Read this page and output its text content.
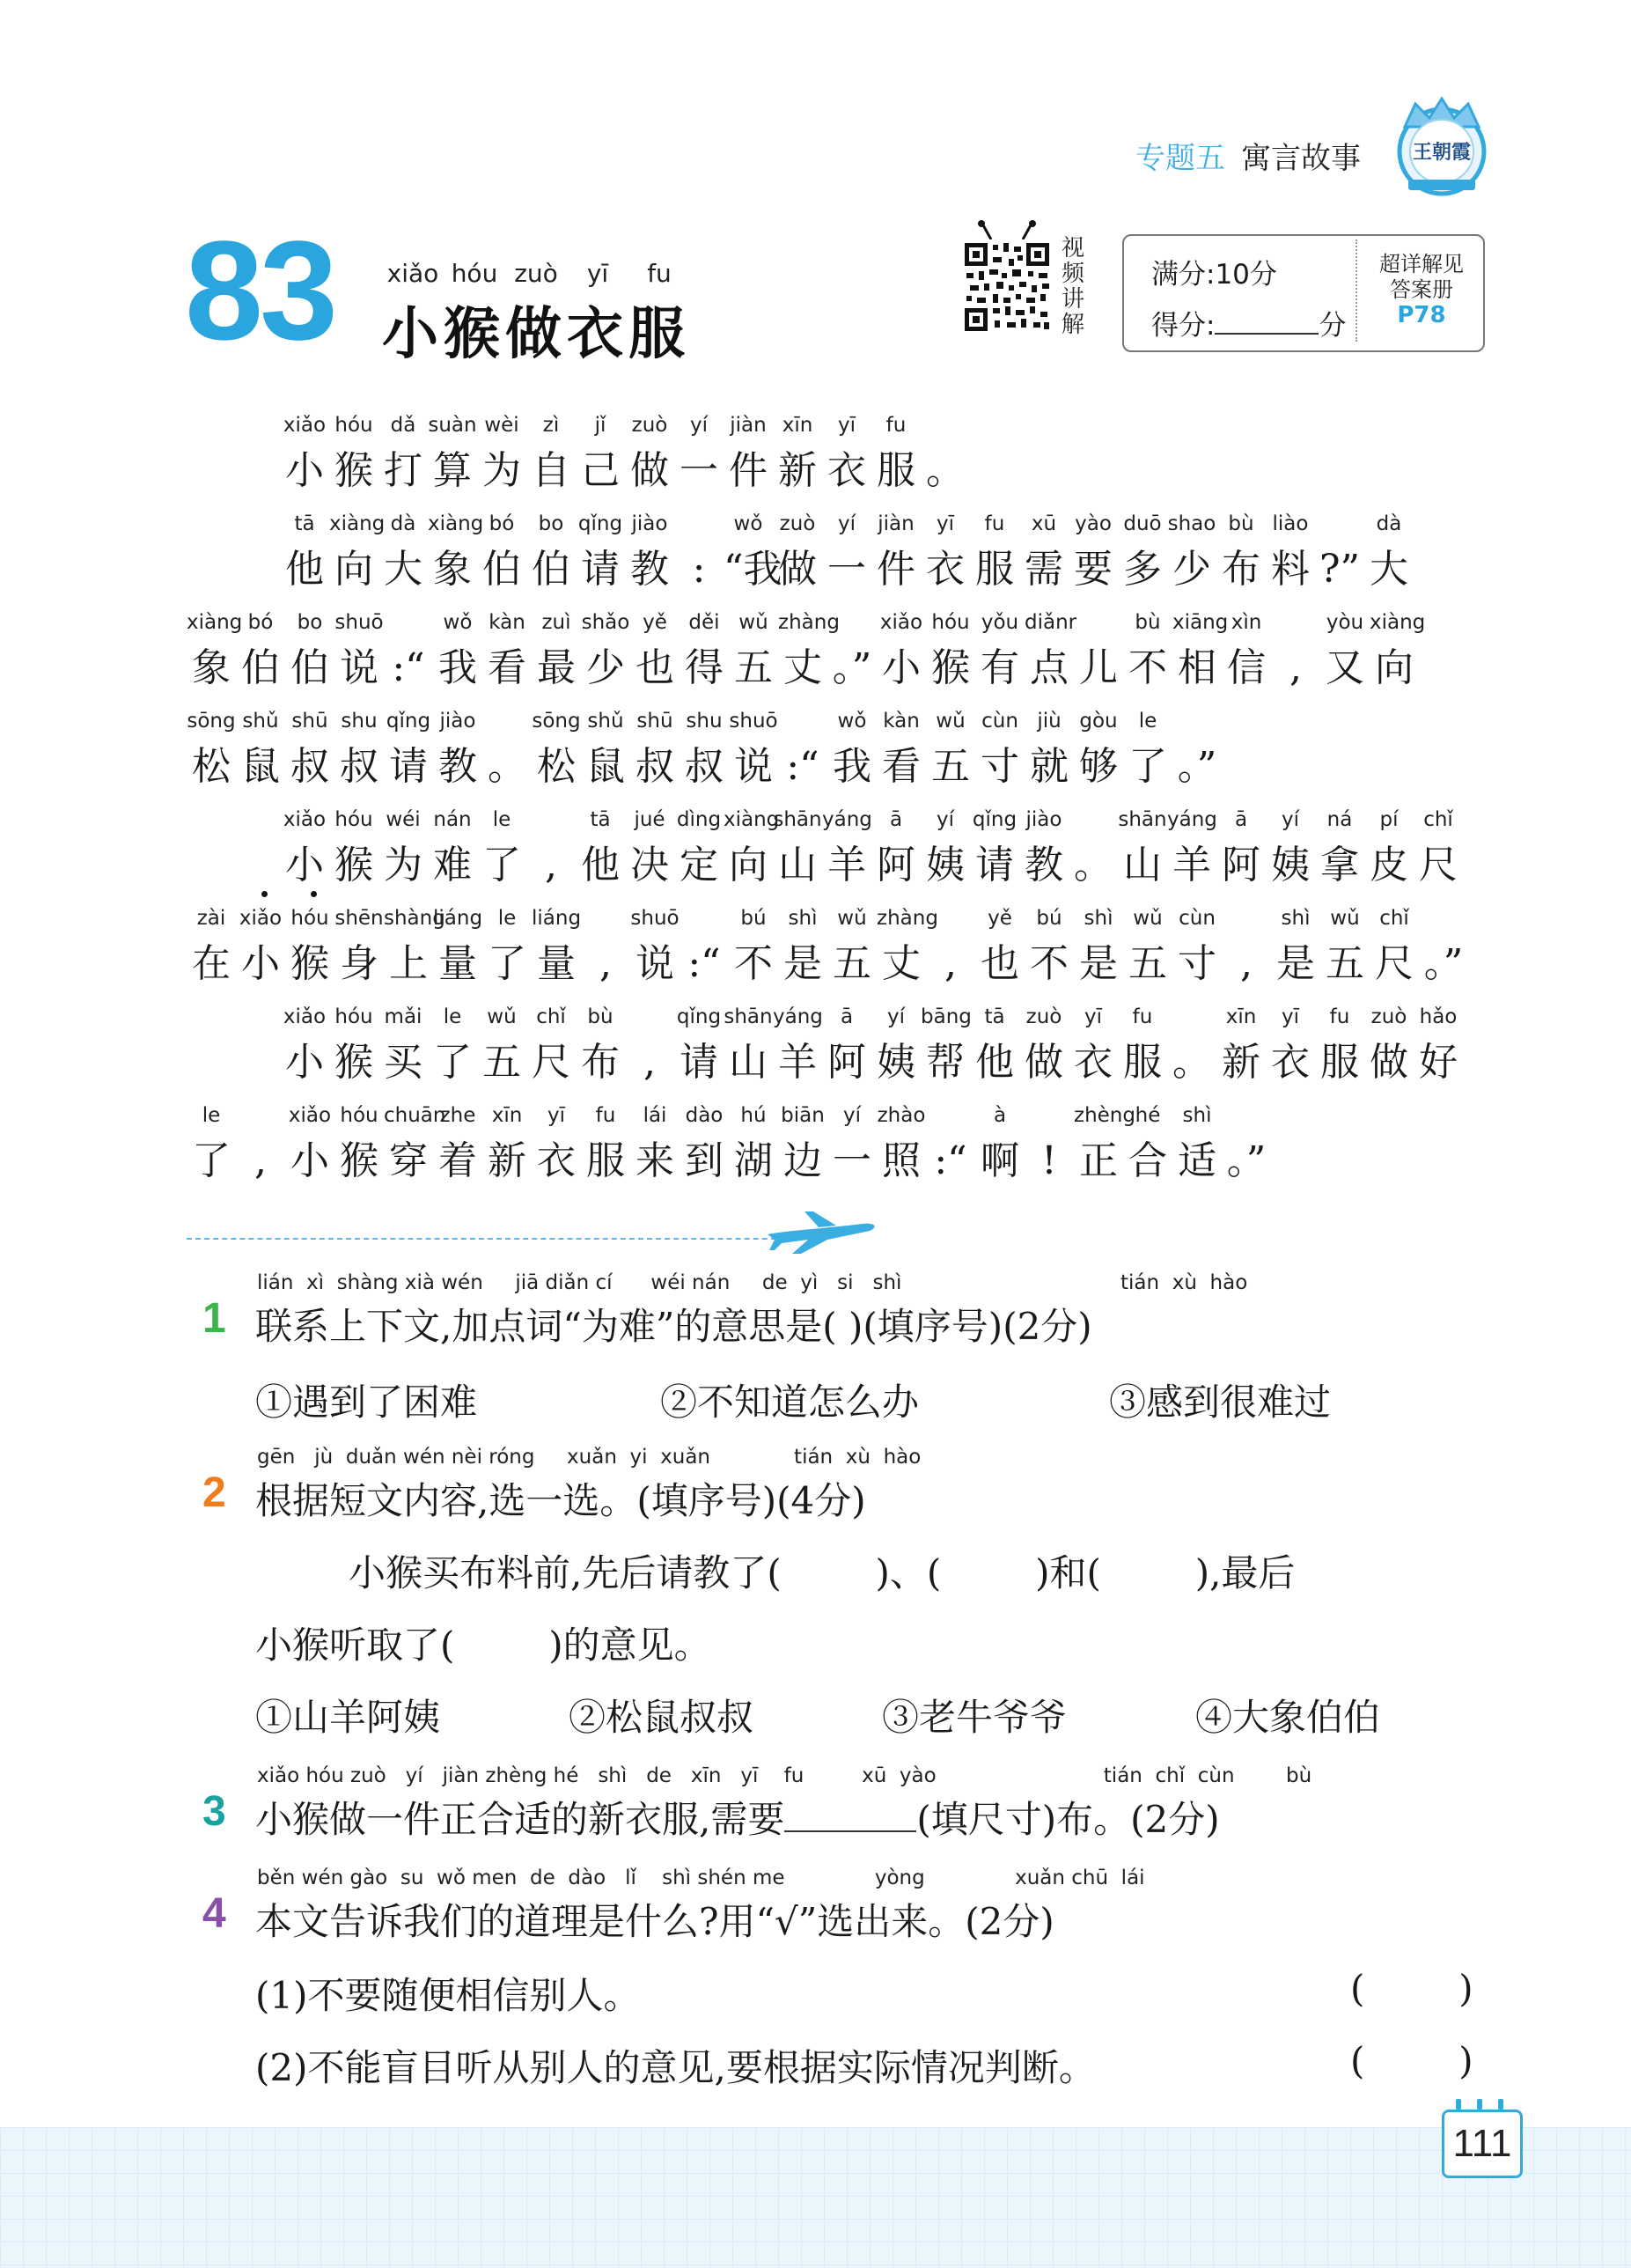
专题五 寓言故事	王朝霞
83 xiǎo hóu zuò yī fu
小猴做衣服
视
频
讲
解
满分:10分
得分:	分
超详解见
答案册
P78
xiǎo hóu dǎ suàn wèi zì jǐ zuò yí jiàn xīn yī fu
小 猴 打 算 为 自 己 做 一 件 新 衣 服 。
tā xiàng dà xiàng bó bo qǐng jiào	wǒ zuò yí jiàn yī fu xū yào duō shao bù liào	dà
他 向 大 象 伯 伯 请 教 : “我做 一 件 衣 服 需 要 多 少 布 料 ?” 大
xiàng bó bo shuō	wǒ kàn zuì shǎo yě děi wǔ zhàng xiǎo hóu yǒu diǎnr	bù xiāng xìn	yòu xiàng
象 伯 伯 说 :“ 我 看 最 少 也 得 五 丈 。” 小 猴 有 点 儿 不 相 信 , 又 向
sōng shǔ shū shu qǐng jiào	sōng shǔ shū shu shuō	wǒ kàn wǔ cùn jiù gòu le
松 鼠 叔 叔 请 教 。 松 鼠 叔 叔 说 :“ 我 看 五 寸 就 够 了 。”
xiǎo hóu wéi nán le	tā jué dìng xiàngshānyáng ā yí qǐng jiào	shānyáng ā yí ná pí chǐ
小 猴 为 难 了 , 他 决 定 向 山 羊 阿 姨 请 教 。 山 羊 阿 姨 拿 皮 尺
zài xiǎo hóu shēnshàngliáng le liáng shuō	bú shì wǔ zhàng yě bú shì wǔ cùn	shì wǔ chǐ
在 小 猴 身 上 量 了 量 , 说 :“ 不 是 五 丈 , 也 不 是 五 寸 , 是 五 尺 。”
xiǎo hóu mǎi le wǔ chǐ bù	qǐng shānyáng ā yí bāng tā zuò yī fu	xīn yī fu zuò hǎo
小 猴 买 了 五 尺 布 , 请 山 羊 阿 姨 帮 他 做 衣 服 。 新 衣 服 做 好
le	xiǎo hóu chuānzhe xīn yī fu lái dào hú biān yí zhào	à	zhènghé shì
了 , 小 猴 穿 着 新 衣 服 来 到 湖 边 一 照 :“ 啊 ! 正 合 适 。”
1
lián  xì  shàng xià wén     jiā diǎn cí      wéi nán     de  yì   si   shì                                  tián  xù  hào
联系上下文,加点词“为难”的意思是( )(填序号)(2分)
①遇到了困难	②不知道怎么办	③感到很难过
2
gēn   jù  duǎn wén nèi róng     xuǎn  yi  xuǎn             tián  xù  hào
根据短文内容,选一选。(填序号)(4分)
小猴买布料前,先后请教了(        )、(        )和(        ),最后
小猴听取了(        )的意见。
①山羊阿姨	②松鼠叔叔	③老牛爷爷	④大象伯伯
3
xiǎo hóu zuò   yí   jiàn zhèng hé   shì   de   xīn   yī    fu         xū  yào                          tián  chǐ  cùn        bù
小猴做一件正合适的新衣服,需要	(填尺寸)布。(2分)
4
běn wén gào  su  wǒ men  de  dào   lǐ    shì shén me              yòng              xuǎn chū  lái
本文告诉我们的道理是什么?用“√”选出来。(2分)
(1)不要随便相信别人。	(        )
(2)不能盲目听从别人的意见,要根据实际情况判断。	(        )
111
